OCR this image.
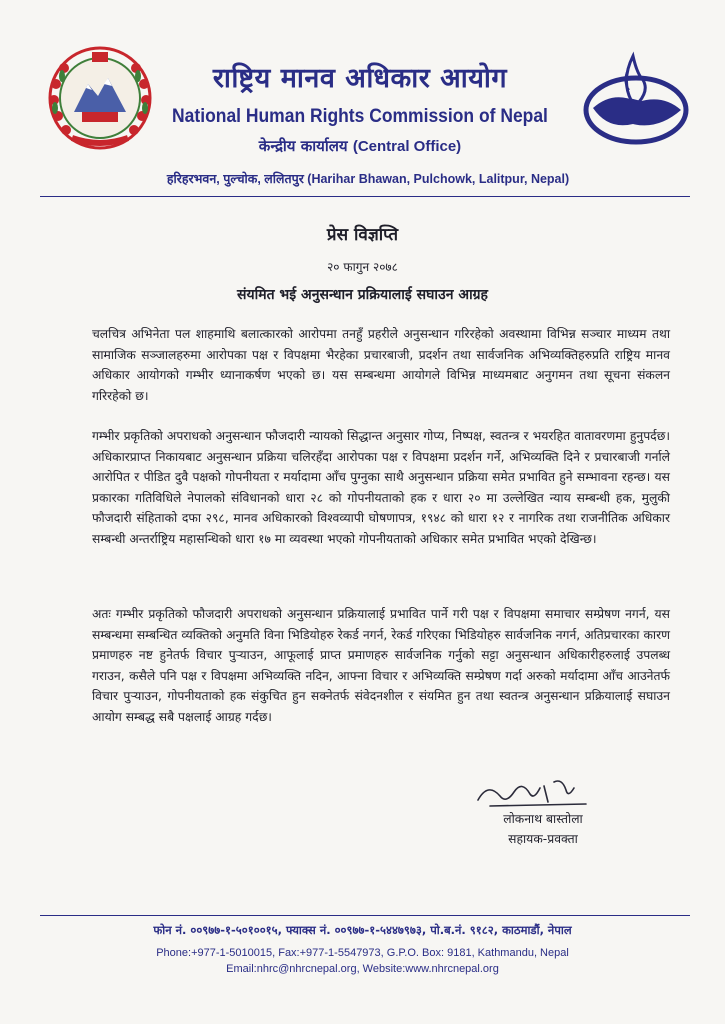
राष्ट्रिय मानव अधिकार आयोग
National Human Rights Commission of Nepal
केन्द्रीय कार्यालय (Central Office)
हरिहरभवन, पुल्चोक, ललितपुर (Harihar Bhawan, Pulchowk, Lalitpur, Nepal)
प्रेस विज्ञप्ति
२० फागुन २०७८
संयमित भई अनुसन्धान प्रक्रियालाई सघाउन आग्रह
चलचित्र अभिनेता पल शाहमाथि बलात्कारको आरोपमा तनहुँ प्रहरीले अनुसन्धान गरिरहेको अवस्थामा विभिन्न सञ्चार माध्यम तथा सामाजिक सञ्जालहरुमा आरोपका पक्ष र विपक्षमा भैरहेका प्रचारबाजी, प्रदर्शन तथा सार्वजनिक अभिव्यक्तिहरुप्रति राष्ट्रिय मानव अधिकार आयोगको गम्भीर ध्यानाकर्षण भएको छ। यस सम्बन्धमा आयोगले विभिन्न माध्यमबाट अनुगमन तथा सूचना संकलन गरिरहेको छ।
गम्भीर प्रकृतिको अपराधको अनुसन्धान फौजदारी न्यायको सिद्धान्त अनुसार गोप्य, निष्पक्ष, स्वतन्त्र र भयरहित वातावरणमा हुनुपर्दछ। अधिकारप्राप्त निकायबाट अनुसन्धान प्रक्रिया चलिरहँदा आरोपका पक्ष र विपक्षमा प्रदर्शन गर्ने, अभिव्यक्ति दिने र प्रचारबाजी गर्नाले आरोपित र पीडित दुवै पक्षको गोपनीयता र मर्यादामा आँच पुग्नुका साथै अनुसन्धान प्रक्रिया समेत प्रभावित हुने सम्भावना रहन्छ। यस प्रकारका गतिविधिले नेपालको संविधानको धारा २८ को गोपनीयताको हक र धारा २० मा उल्लेखित न्याय सम्बन्धी हक, मुलुकी फौजदारी संहिताको दफा २९८, मानव अधिकारको विश्वव्यापी घोषणापत्र, १९४८ को धारा १२ र नागरिक तथा राजनीतिक अधिकार सम्बन्धी अन्तर्राष्ट्रिय महासन्धिको धारा १७ मा व्यवस्था भएको गोपनीयताको अधिकार समेत प्रभावित भएको देखिन्छ।
अतः गम्भीर प्रकृतिको फौजदारी अपराधको अनुसन्धान प्रक्रियालाई प्रभावित पार्ने गरी पक्ष र विपक्षमा समाचार सम्प्रेषण नगर्न, यस सम्बन्धमा सम्बन्धित व्यक्तिको अनुमति विना भिडियोहरु रेकर्ड नगर्न, रेकर्ड गरिएका भिडियोहरु सार्वजनिक नगर्न, अतिप्रचारका कारण प्रमाणहरु नष्ट हुनेतर्फ विचार पुर्‍याउन, आफूलाई प्राप्त प्रमाणहरु सार्वजनिक गर्नुको सट्टा अनुसन्धान अधिकारीहरुलाई उपलब्ध गराउन, कसैले पनि पक्ष र विपक्षमा अभिव्यक्ति नदिन, आफ्ना विचार र अभिव्यक्ति सम्प्रेषण गर्दा अरुको मर्यादामा आँच आउनेतर्फ विचार पुर्‍याउन, गोपनीयताको हक संकुचित हुन सक्नेतर्फ संवेदनशील र संयमित हुन तथा स्वतन्त्र अनुसन्धान प्रक्रियालाई सघाउन आयोग सम्बद्ध सबै पक्षलाई आग्रह गर्दछ।
लोकनाथ बास्तोला
सहायक-प्रवक्ता
फोन नं. ००९७७-१-५०१००१५, फ्याक्स नं. ००९७७-१-५४४७९७३, पो.ब.नं. ९१८२, काठमाडौं, नेपाल
Phone:+977-1-5010015, Fax:+977-1-5547973, G.P.O. Box: 9181, Kathmandu, Nepal
Email:nhrc@nhrcnepal.org, Website:www.nhrcnepal.org
